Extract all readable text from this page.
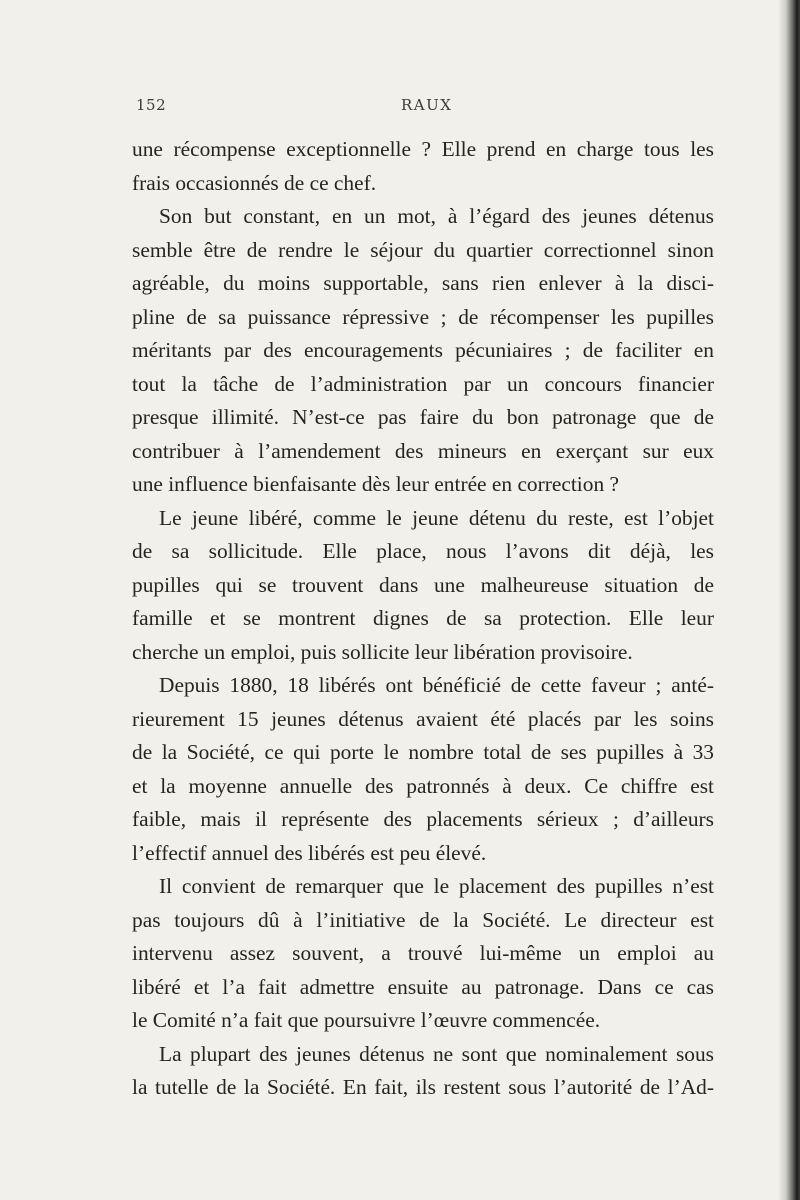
152	RAUX
une récompense exceptionnelle ? Elle prend en charge tous les
frais occasionnés de ce chef.
Son but constant, en un mot, à l’égard des jeunes détenus
semble être de rendre le séjour du quartier correctionnel sinon
agréable, du moins supportable, sans rien enlever à la disci-
pline de sa puissance répressive ; de récompenser les pupilles
méritants par des encouragements pécuniaires ; de faciliter en
tout la tâche de l’administration par un concours financier
presque illimité. N’est-ce pas faire du bon patronage que de
contribuer à l’amendement des mineurs en exerçant sur eux
une influence bienfaisante dès leur entrée en correction ?
Le jeune libéré, comme le jeune détenu du reste, est l’objet
de sa sollicitude. Elle place, nous l’avons dit déjà, les
pupilles qui se trouvent dans une malheureuse situation de
famille et se montrent dignes de sa protection. Elle leur
cherche un emploi, puis sollicite leur libération provisoire.
Depuis 1880, 18 libérés ont bénéficié de cette faveur ; anté-
rieurement 15 jeunes détenus avaient été placés par les soins
de la Société, ce qui porte le nombre total de ses pupilles à 33
et la moyenne annuelle des patronnés à deux. Ce chiffre est
faible, mais il représente des placements sérieux ; d’ailleurs
l’effectif annuel des libérés est peu élevé.
Il convient de remarquer que le placement des pupilles n’est
pas toujours dû à l’initiative de la Société. Le directeur est
intervenu assez souvent, a trouvé lui-même un emploi au
libéré et l’a fait admettre ensuite au patronage. Dans ce cas
le Comité n’a fait que poursuivre l’œuvre commencée.
La plupart des jeunes détenus ne sont que nominalement sous
la tutelle de la Société. En fait, ils restent sous l’autorité de l’Ad-
